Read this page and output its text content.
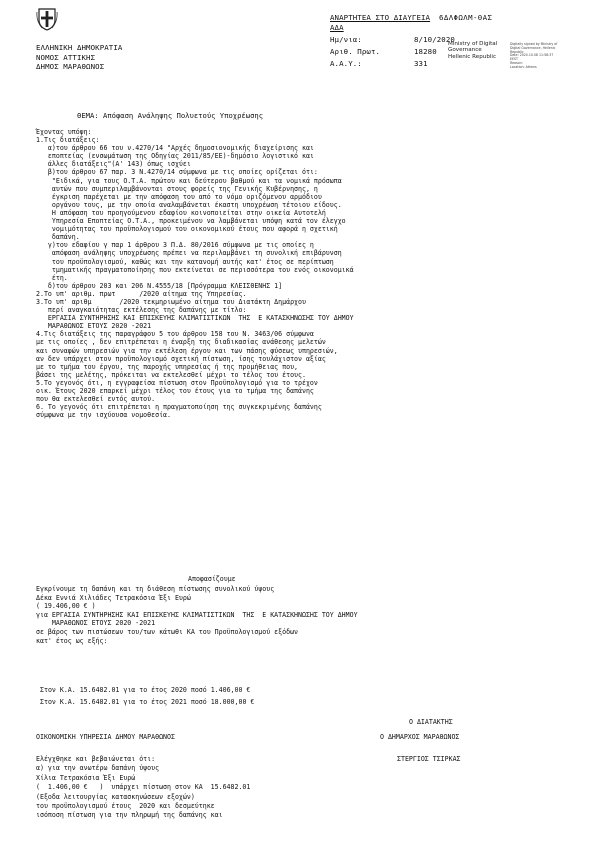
ΕΛΛΗΝΙΚΗ ΔΗΜΟΚΡΑΤΙΑ
ΝΟΜΟΣ ΑΤΤΙΚΗΣ
ΔΗΜΟΣ ΜΑΡΑΘΩΝΟΣ
ΑΝΑΡΤΗΤΕΑ ΣΤΟ ΔΙΑΥΓΕΙΑ 6ΔΛΦΩΛΜ-0ΑΣ
ΑΔΑ
Ημ/νια:	8/10/2020
Αριθ. Πρωτ.	18280
Α.Α.Υ.:	331
Ministry of Digital
Governance
Hellenic Republic
Digitally signed by Ministry of
Digital Governance, Hellenic
Republic
Date: 2020.10.08 11:58:37
EEST
Reason:
Location: Athens
ΘΕΜΑ: Απόφαση Ανάληψης Πολυετούς Υποχρέωσης
Έχοντας υπόψη:
1.Τις διατάξεις:
α)του άρθρου 66 του ν.4270/14 "Αρχές δημοσιονομικής διαχείρισης και
εποπτείας (ενσωμάτωση της Οδηγίας 2011/85/ΕΕ)-δημόσιο λογιστικό και
άλλες διατάξεις"(Α' 143) όπως ισχύει
β)του άρθρου 67 παρ. 3 Ν.4270/14 σύμφωνα με τις οποίες ορίζεται ότι:
"Ειδικά, για τους Ο.Τ.Α. πρώτου και δεύτερου βαθμού και τα νομικά πρόσωπα
αυτών που συμπεριλαμβάνονται στους φορείς της Γενικής Κυβέρνησης, η
έγκριση παρέχεται με την απόφαση του από το νόμο οριζόμενου αρμόδιου
οργάνου τους, με την οποία αναλαμβάνεται έκαστη υποχρέωση τέτοιου είδους.
Η απόφαση του προηγούμενου εδαφίου κοινοποιείται στην οικεία Αυτοτελή
Υπηρεσία Εποπτείας Ο.Τ.Α., προκειμένου να λαμβάνεται υπόψη κατά τον έλεγχο
νομιμότητας του προϋπολογισμού του οικονομικού έτους που αφορά η σχετική
δαπάνη.
γ)του εδαφίου γ παρ 1 άρθρου 3 Π.Δ. 80/2016 σύμφωνα με τις οποίες η
απόφαση ανάληψης υποχρέωσης πρέπει να περιλαμβάνει τη συνολική επιβάρυνση
του προϋπολογισμού, καθώς και την κατανομή αυτής κατ' έτος σε περίπτωση
τμηματικής πραγματοποίησης που εκτείνεται σε περισσότερα του ενός οικονομικά
έτη.
δ)του άρθρου 203 και 206 Ν.4555/18 [Πρόγραμμα ΚΛΕΙΣΘΕΝΗΣ 1]
2.Το υπ' αριθμ. πρωτ      /2020 αίτημα της Υπηρεσίας.
3.Το υπ' αριθμ       /2020 τεκμηριωμένο αίτημα του Διατάκτη Δημάρχου
περί αναγκαιότητας εκτέλεσης της δαπάνης με τίτλο:
ΕΡΓΑΣΙΑ ΣΥΝΤΗΡΗΣΗΣ ΚΑΙ ΕΠΙΣΚΕΥΗΣ ΚΛΙΜΑΤΙΣΤΙΚΩΝ  ΤΗΣ  Ε ΚΑΤΑΣΚΗΝΩΣΗΣ ΤΟΥ ΔΗΜΟΥ
ΜΑΡΑΘΩΝΟΣ ΕΤΟΥΣ 2020 -2021
4.Τις διατάξεις της παραγράφου 5 του άρθρου 158 του Ν. 3463/06 σύμφωνα
με τις οποίες , δεν επιτρέπεται η έναρξη της διαδικασίας ανάθεσης μελετών
και συναφών υπηρεσιών για την εκτέλεση έργου και των πάσης φύσεως υπηρεσιών,
αν δεν υπάρχει στον προϋπολογισμό σχετική πίστωση, ίσης τουλάχιστον αξίας
με το τμήμα του έργου, της παροχής υπηρεσίας ή της προμήθειας που,
βάσει της μελέτης, πρόκειται να εκτελεσθεί μέχρι το τέλος του έτους.
5.Το γεγονός ότι, η εγγραφείσα πίστωση στον Προϋπολογισμό για το τρέχον
οικ. Έτους 2020 επαρκεί μέχρι τέλος του έτους για το τμήμα της δαπάνης
που θα εκτελεσθεί εντός αυτού.
6. Το γεγονός ότι επιτρέπεται η πραγματοποίηση της συγκεκριμένης δαπάνης
σύμφωνα με την ισχύουσα νομοθεσία.
Αποφασίζουμε
Εγκρίνουμε τη δαπάνη και τη διάθεση πίστωσης συνολικού ύψους
Δέκα Εννιά Χιλιάδες Τετρακόσια Έξι Ευρώ
( 19.406,00 € )
για ΕΡΓΑΣΙΑ ΣΥΝΤΗΡΗΣΗΣ ΚΑΙ ΕΠΙΣΚΕΥΗΣ ΚΛΙΜΑΤΙΣΤΙΚΩΝ  ΤΗΣ  Ε ΚΑΤΑΣΚΗΝΩΣΗΣ ΤΟΥ ΔΗΜΟΥ
ΜΑΡΑΘΩΝΟΣ ΕΤΟΥΣ 2020 -2021
σε βάρος των πιστώσεων του/των κάτωθι ΚΑ του Προϋπολογισμού εξόδων
κατ' έτος ως εξής:
Στον Κ.Α. 15.6482.01 για το έτος 2020 ποσό 1.406,00 €
Στον Κ.Α. 15.6482.01 για το έτος 2021 ποσό 18.000,00 €
Ο ΔΙΑΤΑΚΤΗΣ
Ο ΔΗΜΑΡΧΟΣ ΜΑΡΑΘΩΝΟΣ
ΟΙΚΟΝΟΜΙΚΗ ΥΠΗΡΕΣΙΑ ΔΗΜΟΥ ΜΑΡΑΘΩΝΟΣ
ΣΤΕΡΓΙΟΣ ΤΣΙΡΚΑΣ
Ελέγχθηκε και βεβαιώνεται ότι:
α) για την ανωτέρω δαπάνη ύψους
Χίλια Τετρακόσια Έξι Ευρώ
(  1.406,00 €   )  υπάρχει πίστωση στον ΚΑ  15.6482.01
(Εξοδα λειτουργίας κατασκηνώσεων εξοχών)
του προϋπολογισμού έτους  2020 και δεσμεύτηκε
ισόποση πίστωση για την πληρωμή της δαπάνης και
